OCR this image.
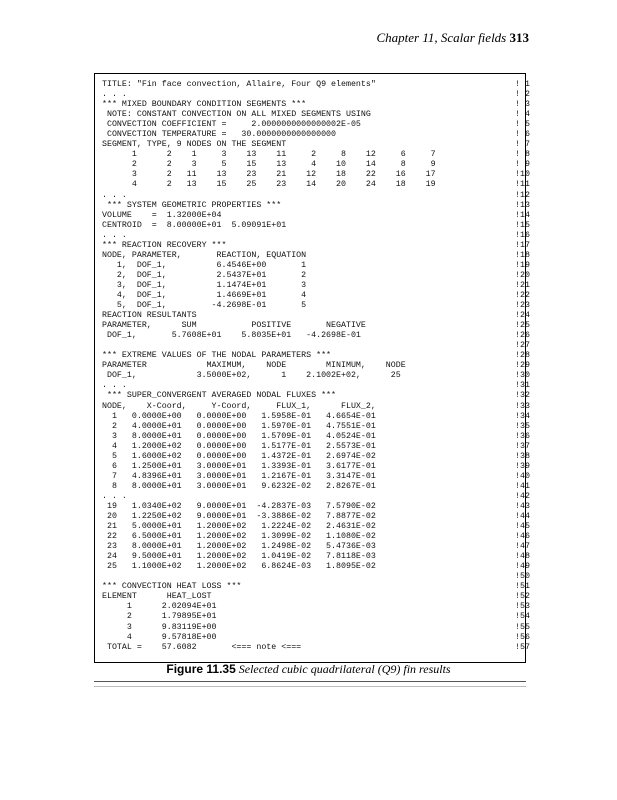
Chapter 11, Scalar fields 313
TITLE: "Fin face convection, Allaire, Four Q9 elements"	! 1
. . .	! 2
*** MIXED BOUNDARY CONDITION SEGMENTS ***	! 3
NOTE: CONSTANT CONVECTION ON ALL MIXED SEGMENTS USING	! 4
CONVECTION COEFFICIENT =     2.0000000000000002E-05	! 5
CONVECTION TEMPERATURE =   30.0000000000000000	! 6
SEGMENT, TYPE, 9 NODES ON THE SEGMENT	! 7
1      2    1     3    13    11     2     8    12     6     7	! 8
2      2    3     5    15    13     4    10    14     8     9	! 9
3      2   11    13    23    21    12    18    22    16    17	!10
4      2   13    15    25    23    14    20    24    18    19	!11
. . .	!12
*** SYSTEM GEOMETRIC PROPERTIES ***	!13
VOLUME    =  1.32000E+04	!14
CENTROID  =  8.00000E+01  5.09091E+01	!15
. . .	!16
*** REACTION RECOVERY ***	!17
NODE, PARAMETER,       REACTION, EQUATION	!18
1,  DOF_1,          6.4546E+00       1	!19
2,  DOF_1,          2.5437E+01       2	!20
3,  DOF_1,          1.1474E+01       3	!21
4,  DOF_1,          1.4669E+01       4	!22
5,  DOF_1,         -4.2698E-01       5	!23
REACTION RESULTANTS	!24
PARAMETER,      SUM           POSITIVE       NEGATIVE	!25
DOF_1,       5.7608E+01    5.8035E+01   -4.2698E-01	!26
!27
*** EXTREME VALUES OF THE NODAL PARAMETERS ***	!28
PARAMETER            MAXIMUM,    NODE        MINIMUM,    NODE	!29
DOF_1,            3.5000E+02,      1    2.1002E+02,      25	!30
. . .	!31
*** SUPER_CONVERGENT AVERAGED NODAL FLUXES ***	!32
NODE,    X-Coord,     Y-Coord,     FLUX_1,      FLUX_2,	!33
1   0.0000E+00   0.0000E+00   1.5958E-01   4.6654E-01	!34
2   4.0000E+01   0.0000E+00   1.5970E-01   4.7551E-01	!35
3   8.0000E+01   0.0000E+00   1.5709E-01   4.0524E-01	!36
4   1.2000E+02   0.0000E+00   1.5177E-01   2.5573E-01	!37
5   1.6000E+02   0.0000E+00   1.4372E-01   2.6974E-02	!38
6   1.2500E+01   3.0000E+01   1.3393E-01   3.6177E-01	!39
7   4.8396E+01   3.0000E+01   1.2167E-01   3.3147E-01	!40
8   8.0000E+01   3.0000E+01   9.6232E-02   2.8267E-01	!41
. . .	!42
19   1.0340E+02   9.0000E+01  -4.2837E-03   7.5790E-02	!43
20   1.2250E+02   9.0000E+01  -3.3886E-02   7.8877E-02	!44
21   5.0000E+01   1.2000E+02   1.2224E-02   2.4631E-02	!45
22   6.5000E+01   1.2000E+02   1.3099E-02   1.1080E-02	!46
23   8.0000E+01   1.2000E+02   1.2498E-02   5.4736E-03	!47
24   9.5000E+01   1.2000E+02   1.0419E-02   7.8118E-03	!48
25   1.1000E+02   1.2000E+02   6.8624E-03   1.8095E-02	!49
!50
*** CONVECTION HEAT LOSS ***	!51
ELEMENT      HEAT_LOST	!52
1      2.02094E+01	!53
2      1.79895E+01	!54
3      9.83119E+00	!55
4      9.57818E+00	!56
TOTAL =    57.6082       <=== note <===	!57
Figure 11.35 Selected cubic quadrilateral (Q9) fin results
